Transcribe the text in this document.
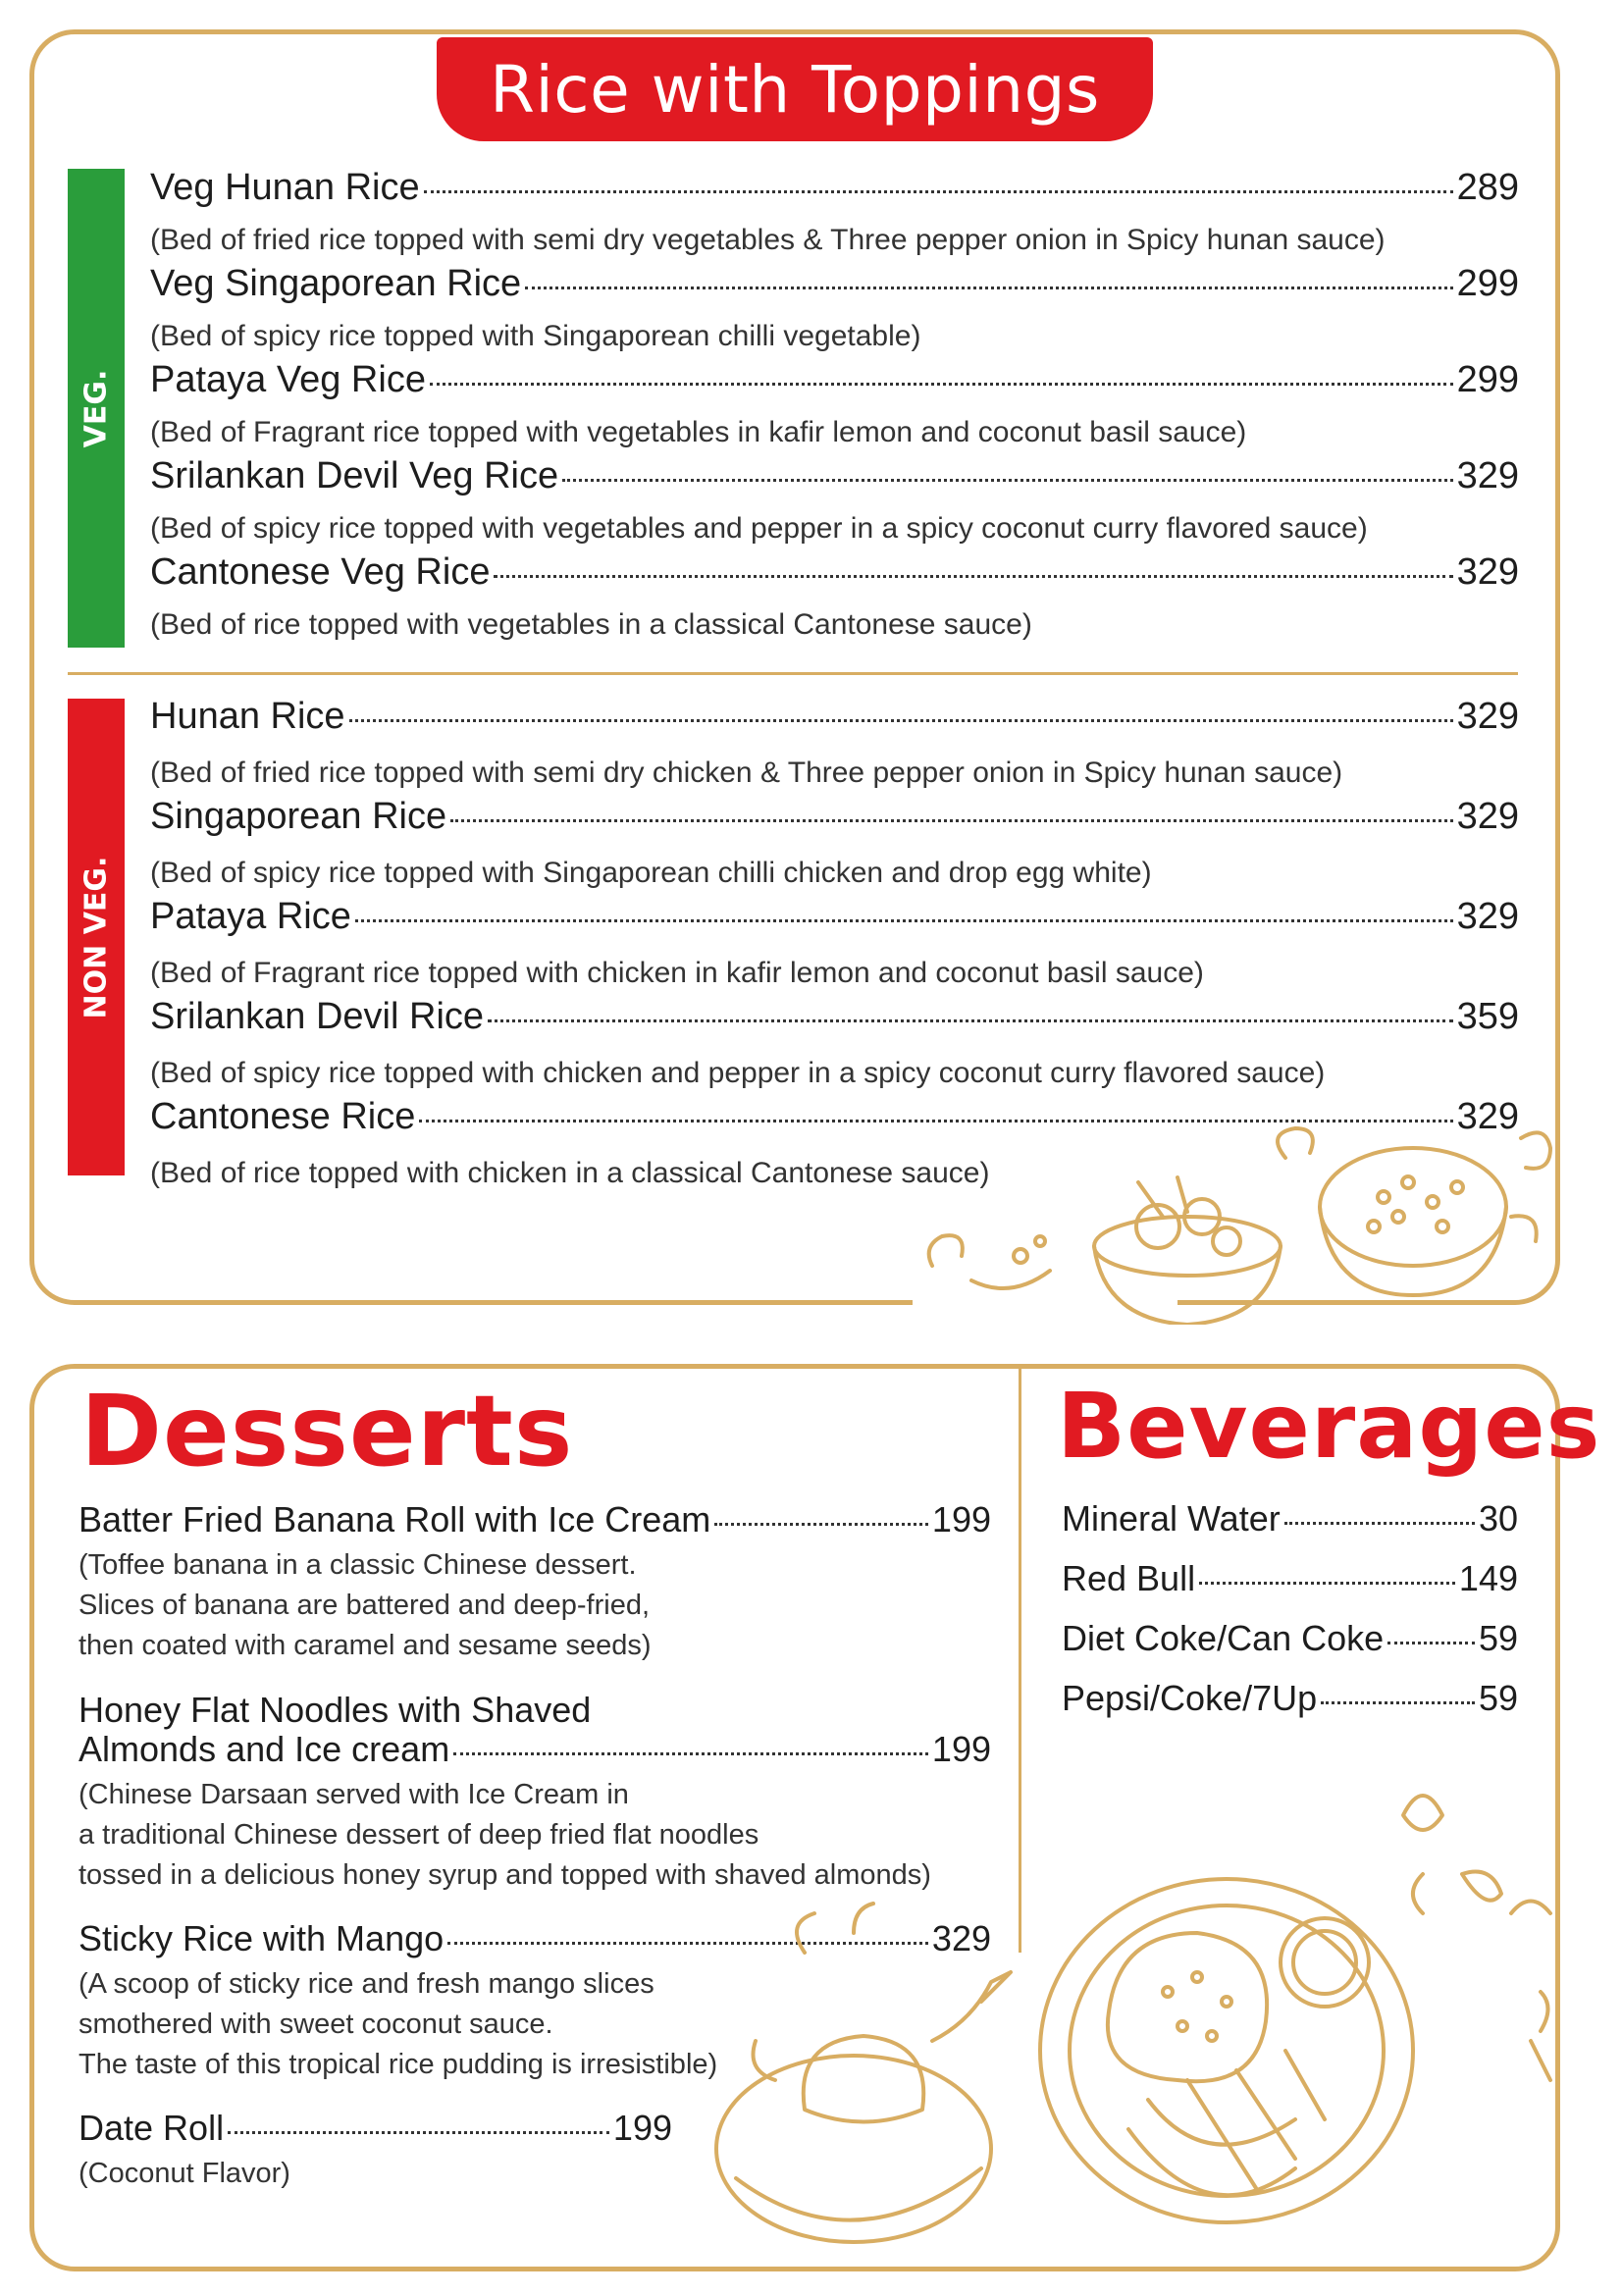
Rice with Toppings
VEG.
NON VEG.
Veg Hunan Rice	289
(Bed of fried rice topped with semi dry vegetables & Three pepper onion in Spicy hunan sauce)
Veg Singaporean Rice	299
(Bed of spicy rice topped with Singaporean chilli vegetable)
Pataya Veg Rice	299
(Bed of Fragrant rice topped with vegetables in kafir lemon and coconut basil sauce)
Srilankan Devil Veg Rice	329
(Bed of spicy rice topped with vegetables and pepper in a spicy coconut curry flavored sauce)
Cantonese Veg Rice	329
(Bed of rice topped with vegetables in a classical Cantonese sauce)
Hunan Rice	329
(Bed of fried rice topped with semi dry chicken & Three pepper onion in Spicy hunan sauce)
Singaporean Rice	329
(Bed of spicy rice topped with Singaporean chilli chicken and drop egg white)
Pataya Rice	329
(Bed of Fragrant rice topped with chicken in kafir lemon and coconut basil sauce)
Srilankan Devil Rice	359
(Bed of spicy rice topped with chicken and pepper in a spicy coconut curry flavored sauce)
Cantonese Rice	329
(Bed of rice topped with chicken in a classical Cantonese sauce)
Desserts	Beverages
Batter Fried Banana Roll with Ice Cream	199
(Toffee banana in a classic Chinese dessert.
Slices of banana are battered and deep-fried,
then coated with caramel and sesame seeds)
Honey Flat Noodles with Shaved
Almonds and Ice cream	199
(Chinese Darsaan served with Ice Cream in
a traditional Chinese dessert of deep fried flat noodles
tossed in a delicious honey syrup and topped with shaved almonds)
Sticky Rice with Mango	329
(A scoop of sticky rice and fresh mango slices
smothered with sweet coconut sauce.
The taste of this tropical rice pudding is irresistible)
Date Roll	199
(Coconut Flavor)
Mineral Water	30
Red Bull	149
Diet Coke/Can Coke	59
Pepsi/Coke/7Up	59
